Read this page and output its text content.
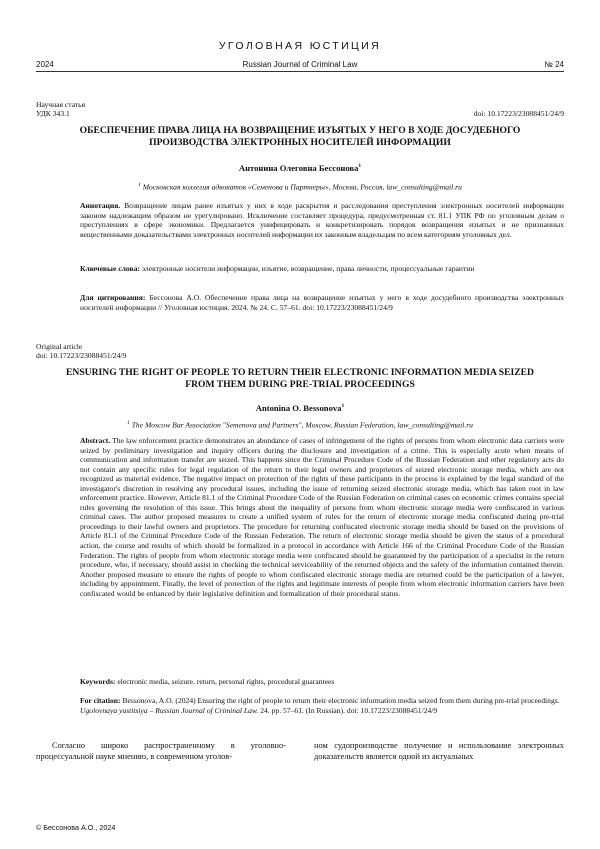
УГОЛОВНАЯ ЮСТИЦИЯ
2024	Russian Journal of Criminal Law	№ 24
Научная статья
УДК 343.1	doi: 10.17223/23088451/24/9
ОБЕСПЕЧЕНИЕ ПРАВА ЛИЦА НА ВОЗВРАЩЕНИЕ ИЗЪЯТЫХ У НЕГО В ХОДЕ ДОСУДЕБНОГО ПРОИЗВОДСТВА ЭЛЕКТРОННЫХ НОСИТЕЛЕЙ ИНФОРМАЦИИ
Антонина Олеговна Бессонова$^1$
$^1$ Московская коллегия адвокатов «Семенова и Партнеры», Москва, Россия, law_consulting@mail.ru
Аннотация. Возвращение лицам ранее изъятых у них в ходе раскрытия и расследования преступления электронных носителей информации законом надлежащим образом не урегулировано. Исключение составляет процедура, предусмотренная ст. 81.1 УПК РФ по уголовным делам о преступлениях в сфере экономики. Предлагается унифицировать и конкретизировать порядок возвращения изъятых и не признанных вещественными доказательствами электронных носителей информации их законным владельцам по всем категориям уголовных дел.
Ключевые слова: электронные носители информации, изъятие, возвращение, права личности, процессуальные гарантии
Для цитирования: Бессонова А.О. Обеспечение права лица на возвращение изъятых у него в ходе досудебного производства электронных носителей информации // Уголовная юстиция. 2024. № 24. С. 57–61. doi: 10.17223/23088451/24/9
Original article
doi: 10.17223/23088451/24/9
ENSURING THE RIGHT OF PEOPLE TO RETURN THEIR ELECTRONIC INFORMATION MEDIA SEIZED FROM THEM DURING PRE-TRIAL PROCEEDINGS
Antonina O. Bessonova$^1$
$^1$ The Moscow Bar Association "Semenova and Partners", Moscow, Russian Federation, law_consulting@mail.ru
Abstract. The law enforcement practice demonstrates an abundance of cases of infringement of the rights of persons from whom electronic data carriers were seized by preliminary investigation and inquiry officers during the disclosure and investigation of a crime. This is especially acute when means of communication and information transfer are seized. This happens since the Criminal Procedure Code of the Russian Federation and other regulatory acts do not contain any specific rules for legal regulation of the return to their legal owners and proprietors of seized electronic storage media, which are not recognized as material evidence. The negative impact on protection of the rights of these participants in the process is explained by the legal standard of the investigator's discretion in resolving any procedural issues, including the issue of returning seized electronic storage media, which has taken root in law enforcement practice. However, Article 81.1 of the Criminal Procedure Code of the Russian Federation on criminal cases on economic crimes contains special rules governing the resolution of this issue. This brings about the inequality of persons from whom electronic storage media were confiscated in various criminal cases. The author proposed measures to create a unified system of rules for the return of electronic storage media confiscated during pre-trial proceedings to their lawful owners and proprietors. The procedure for returning confiscated electronic storage media should be based on the provisions of Article 81.1 of the Criminal Procedure Code of the Russian Federation. The return of electronic storage media should be given the status of a procedural action, the course and results of which should be formalized in a protocol in accordance with Article 166 of the Criminal Procedure Code of the Russian Federation. The rights of people from whom electronic storage media were confiscated should be guaranteed by the participation of a specialist in the return procedure, who, if necessary, should assist in checking the technical serviceability of the returned objects and the safety of the information contained therein. Another proposed measure to ensure the rights of people to whom confiscated electronic storage media are returned could be the participation of a lawyer, including by appointment. Finally, the level of protection of the rights and legitimate interests of people from whom electronic information carriers have been confiscated would be enhanced by their legislative definition and formalization of their procedural status.
Keywords: electronic media, seizure, return, personal rights, procedural guarantees
For citation: Bessonova, A.O. (2024) Ensuring the right of people to return their electronic information media seized from them during pre-trial proceedings. Ugolovnaya yustitsiya – Russian Journal of Criminal Law. 24. pp. 57–61. (In Russian). doi: 10.17223/23088451/24/9
Согласно широко распространенному в уголовно-процессуальной науке мнению, в современном уголов-
ном судопроизводстве получение и использование электронных доказательств является одной из актуальных
© Бессонова А.О., 2024
